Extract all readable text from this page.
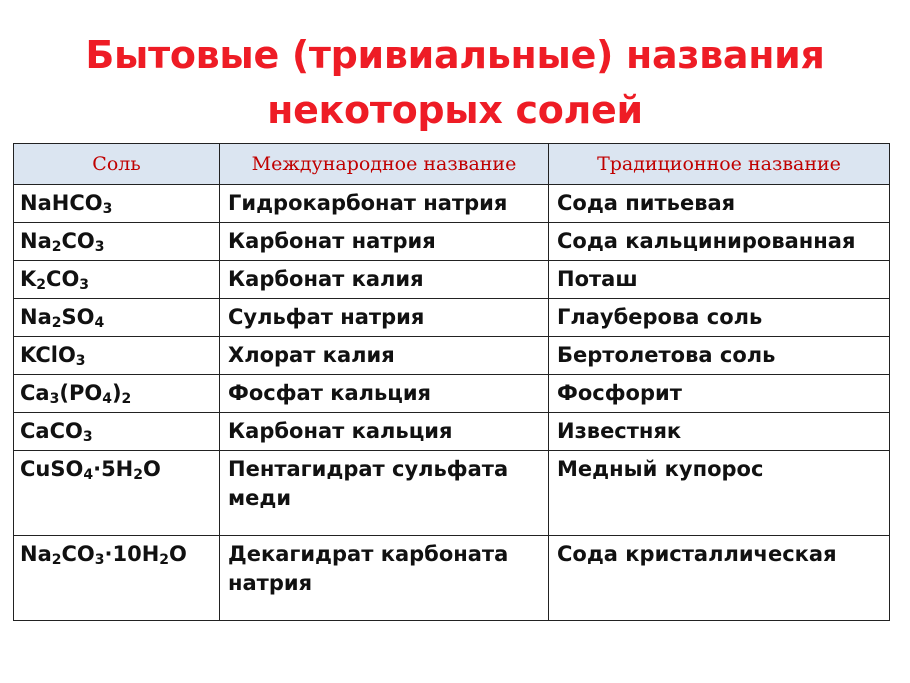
Бытовые (тривиальные) названия
некоторых солей
Соль	Международное название	Традиционное название
NaHCO$_3$	Гидрокарбонат натрия	Сода питьевая
$Na_2CO_3$	Карбонат натрия	Сода кальцинированная
$K_2CO_3$	Карбонат калия	Поташ
$Na_2SO_4$	Сульфат натрия	Глауберова соль
KClO$_3$	Хлорат калия	Бертолетова соль
$Ca_3(PO_4)_2$	Фосфат кальция	Фосфорит
CaCO$_3$	Карбонат кальция	Известняк
$CuSO_4\cdot 5H_2O$	Пентагидрат сульфата меди	Медный купорос
$Na_2CO_3\cdot 10H_2O$	Декагидрат карбоната натрия	Сода кристаллическая
